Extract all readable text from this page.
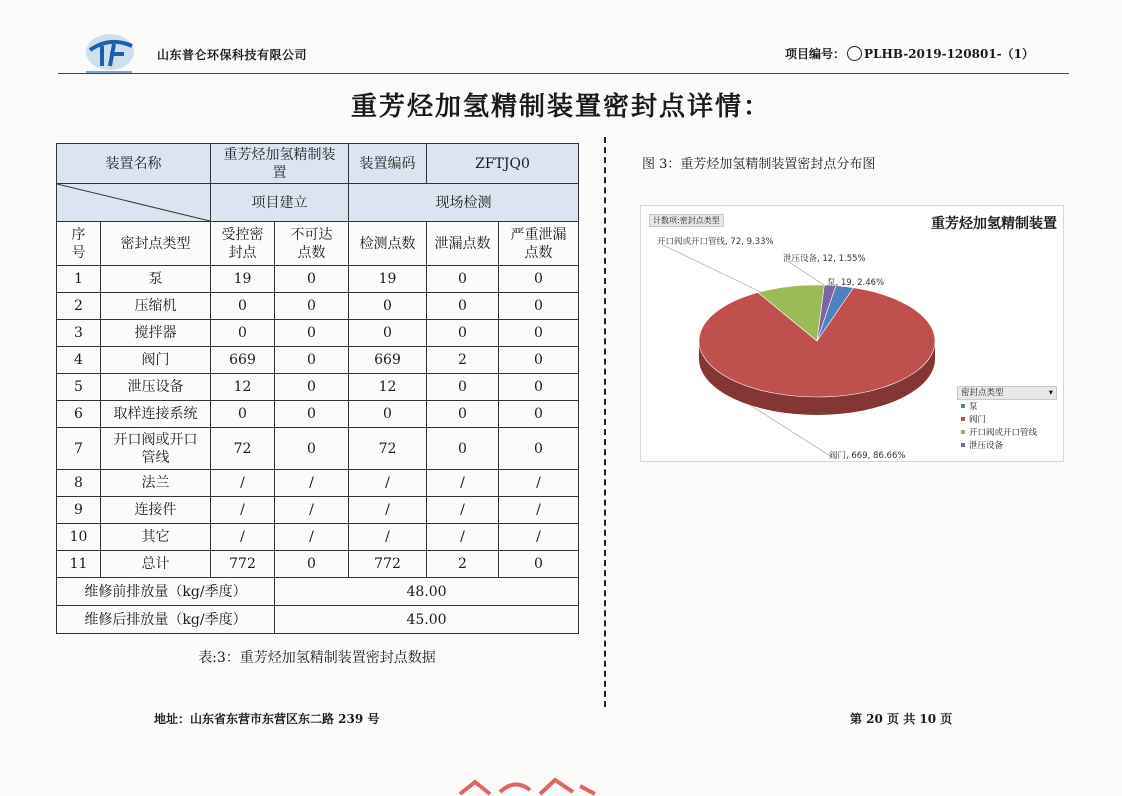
山东普仑环保科技有限公司	项目编号： PLHB-2019-120801-（1）
重芳烃加氢精制装置密封点详情：
装置名称		重芳烃加氢精制装置		装置编码	ZFTJQ0	

	项目建立		现场检测		
序号	密封点类型	受控密封点	不可达点数	检测点数	泄漏点数	严重泄漏点数
1	泵	19	0	19	0	0
2	压缩机	0	0	0	0	0
3	搅拌器	0	0	0	0	0
4	阀门	669	0	669	2	0
5	泄压设备	12	0	12	0	0
6	取样连接系统	0	0	0	0	0
7	开口阀或开口管线	72	0	72	0	0
8	法兰	/	/	/	/	/
9	连接件	/	/	/	/	/
10	其它	/	/	/	/	/
11	总计	772	0	772	2	0
维修前排放量（kg/季度）			48.00			
维修后排放量（kg/季度）			45.00			
表:3：重芳烃加氢精制装置密封点数据
图 3：重芳烃加氢精制装置密封点分布图
计数项:密封点类型	重芳烃加氢精制装置
泵, 19, 2.46%
阀门, 669, 86.66%
开口阀或开口管线, 72, 9.33%
泄压设备, 12, 1.55%
密封点类型	▾
泵
阀门
开口阀或开口管线
泄压设备
地址：山东省东营市东营区东二路 239 号	第 20 页 共 10 页
